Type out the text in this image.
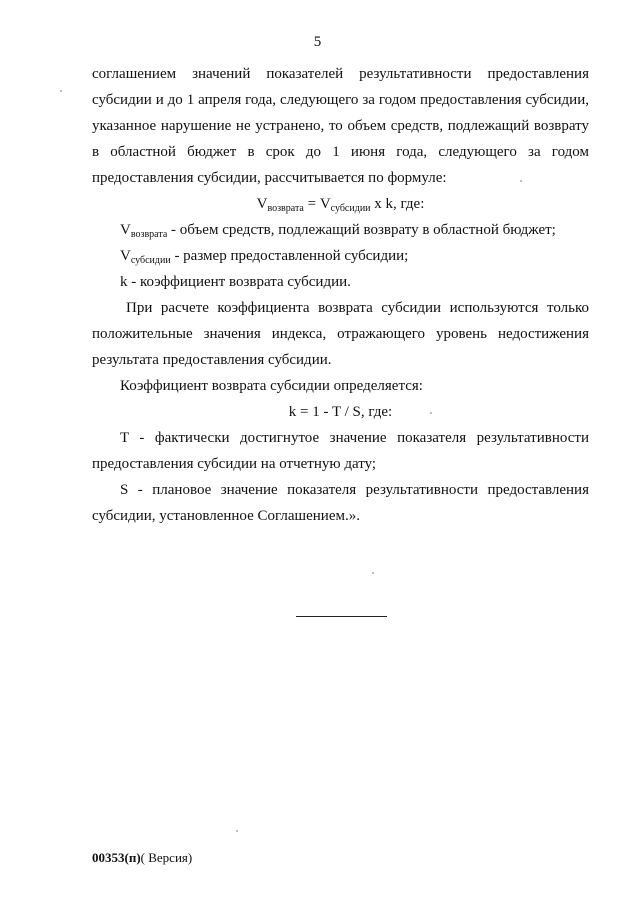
5
соглашением значений показателей результативности предоставления
субсидии и до 1 апреля года, следующего за годом предоставления субсидии,
указанное нарушение не устранено, то объем средств, подлежащий возврату
в областной бюджет в срок до 1 июня года, следующего за годом
предоставления субсидии, рассчитывается по формуле:
$V_{возврата} = V_{субсидии}$ x k, где:
$V_{возврата}$ - объем средств, подлежащий возврату в областной бюджет;
$V_{субсидии}$ - размер предоставленной субсидии;
k - коэффициент возврата субсидии.
При расчете коэффициента возврата субсидии используются только
положительные значения индекса, отражающего уровень недостижения
результата предоставления субсидии.
Коэффициент возврата субсидии определяется:
k = 1 - T / S, где:
T - фактически достигнутое значение показателя результативности
предоставления субсидии на отчетную дату;
S - плановое значение показателя результативности предоставления
субсидии, установленное Соглашением.».
00353(п)( Версия)
